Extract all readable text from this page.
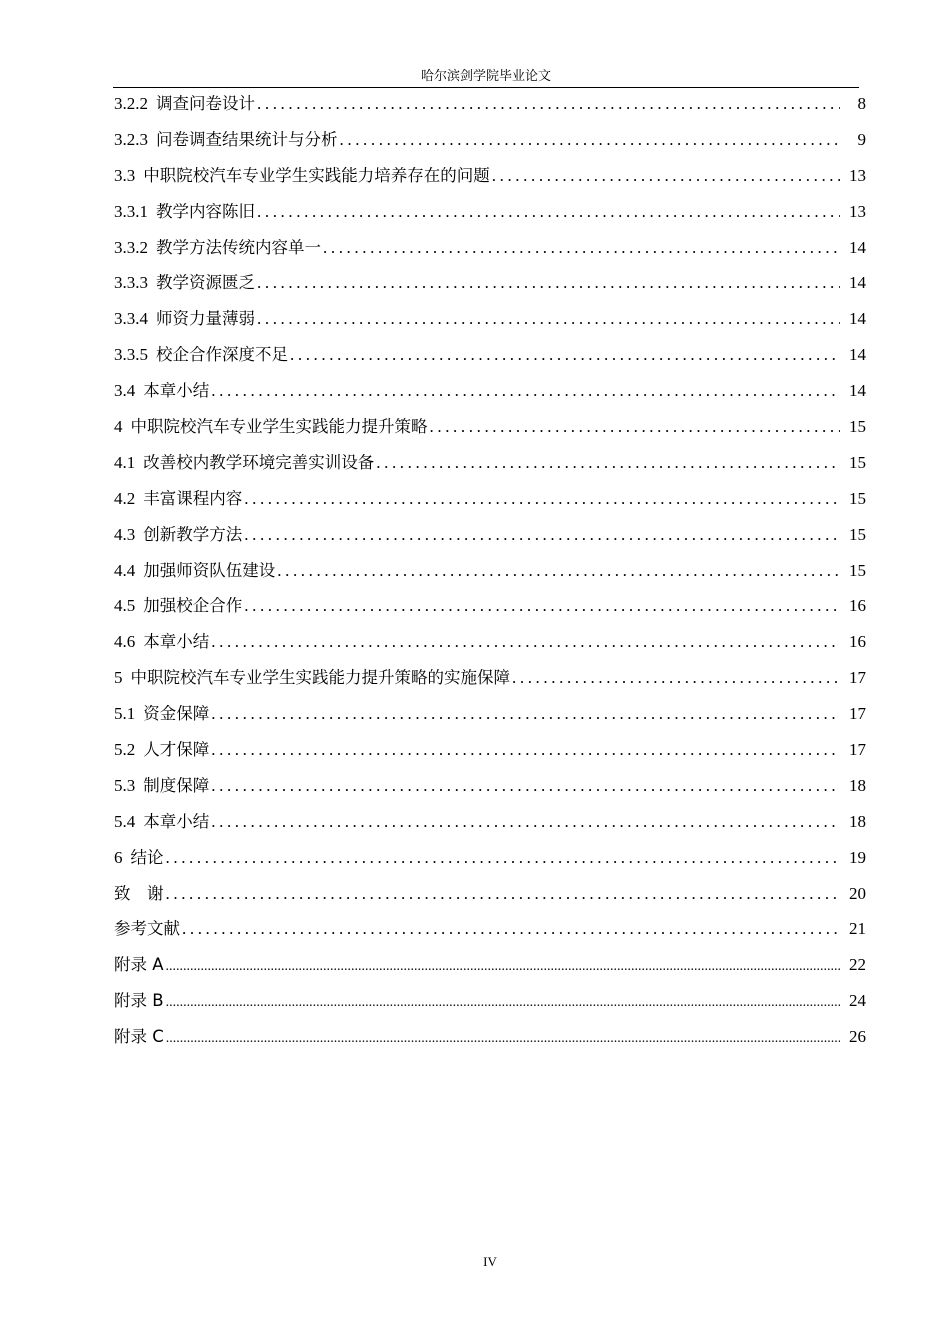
哈尔滨剑学院毕业论文
3.2.2 调查问卷设计 .....	8
3.2.3 问卷调查结果统计与分析 .....	9
3.3 中职院校汽车专业学生实践能力培养存在的问题 .....	13
3.3.1 教学内容陈旧 .....	13
3.3.2 教学方法传统内容单一 .....	14
3.3.3 教学资源匮乏 .....	14
3.3.4 师资力量薄弱 .....	14
3.3.5 校企合作深度不足 .....	14
3.4 本章小结 .....	14
4 中职院校汽车专业学生实践能力提升策略 .....	15
4.1 改善校内教学环境完善实训设备 .....	15
4.2 丰富课程内容 .....	15
4.3 创新教学方法 .....	15
4.4 加强师资队伍建设 .....	15
4.5 加强校企合作 .....	16
4.6 本章小结 .....	16
5 中职院校汽车专业学生实践能力提升策略的实施保障 .....	17
5.1 资金保障 .....	17
5.2 人才保障 .....	17
5.3 制度保障 .....	18
5.4 本章小结 .....	18
6 结论 .....	19
致　谢 .....	20
参考文献 .....	21
附录 A .....	22
附录 B .....	24
附录 C .....	26
IV
